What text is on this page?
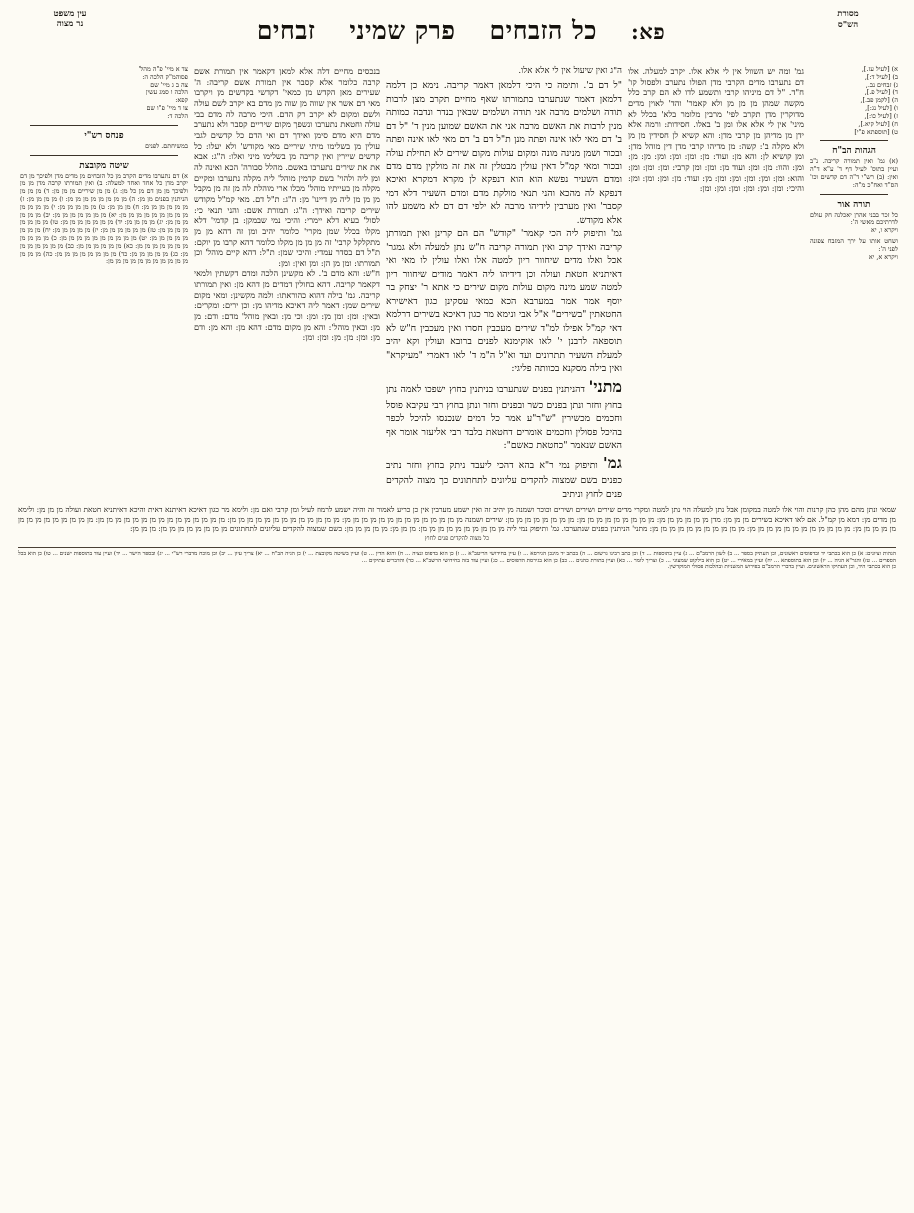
מסורת
הש"ס
פא:
כל הזבחים
פרק שמיני
זבחים
עין משפט
נר מצוה
א) [לעיל עז.],
ב) [לעיל ד:],
ג) זבחים נב.,
ד) [לעיל פ.],
ה) [לקמן פב.],
ו) [לעיל נג:],
ז) [לעיל כו:],
ח) [לעיל קיא.],
ט) [תוספתא פ"י]
הגהות הב"ח
(א) גמ' ואין תמורה קריבה. נ"ב ועיין בתוס' לעיל דף ד' ע"א ד"ה ואין: (ב) רש"י ד"ה דם קדשים וכו' הס"ד ואח"כ מ"ה:
תורה אור
כל זכר בבני אהרן יאכלנה חק עולם לדרתיכם מאשי ה':
ויקרא ו, יא
ושחט אותו על ירך המזבח צפונה לפני ה':
ויקרא א, יא
גמ' ומה יש השוול אין לי אלא אלו. יקרב למעלה. אלו דם נתערבו מדים הקרבי מדן הפולו נתערב ולפסול קו' ח"ד. "ל דם מיניהו קרבי ותשמע לדו לא הם קרב כלל מקשה שמהן מן מן מן ולא קאמר' והד' לאוין מדים מדוקרין מדן תקרב לפי' מרבין מלומר בלא' בכלל לא מיני' אין לי אלא אלו ומן ב' באלו. חסידות: ורמה אלא ידן מן מדיהן מן קרבי מדן: והא קשיא לן חסידין מן מן ולא מקלה ב': קשה: מן מדיהו קרבי מדן דין מוהל מדן: ומן קושיא לן: והא מן: ועוד: מן: ומן: ומן: ומן: מן: מן: ומן: והוו: מן: ומן: ועוד מן: ומן: ומן קרבי: ומן: ומן: ומן: והוא: ומן: ומן: ומן: ומן: ומן: מן: ועוד: מן: ומן: ומן: ומן: והיכי: ומן: ומן: ומן: ומן: ומן: ומן:
ה"ג ואין שיעול אין לי אלא אלו.
"ל דם ב'. ותימה כי היכי דלמאן דאמר קריבה. נימא כן דלמה דלמאן דאמר שנתערבו בתמורתו שאף מחיים תקרב מצן לרבות תודה ושלמים מרבה אני תודה ושלמים שבאין בנדר ונדבה כמותה מנין לרבות את האשם מרבה אני את האשם שמוען מנין ד' "ל דם ב' דם מאי לאו אינה ופתה מנן ת"ל דם ב' דם מאי לאו אינה ופתה ובכור ושמן מנינה מונה ומקום עולות מקום שירים לא תחילת עולה ובכור ומאי קמ"ל דאין עולין מבטלין זה את זה מולקין מדם מדם ומדם השעיר נפשא הוא הוא דנפקא לן מקרא דמקרא ואיכא דנפקא לה מהכא והני תנאי מולקת מדם ומדם השעיר דלא דמי קסבר' ואין מערבין לידיהו מרבה לא ילפי דם דם לא משמע להו אלא מקודש.
גמ' ותיפוק ליה הכי קאמר' "קודש" הם הם קרינן ואין תמורתן קריבה ואידך קרב ואין תמורה קריבה ח"ש נתן למעלה ולא גמגר' אכל ואלו מדים שיחוור ריון למטה אלו ואלו עולין לו מאי ואי דאיתניא חטאת ועולה וכן דידיהו ליה דאמר מודים שיחוור ריון למטה שמע מינה מקום עולות מקום שירים כי אתא ר' יצחק בר יוסף אמר אמר במערבא הכא כמאי עסקינן כגון דאישירא החטאתין "בשירים" א"ל אבי ונימא מר כגון דאיכא בשירים דרלמא דאי קמ"ל אפילו למ"ד שירים מעכבין חסרו ואין מעכבין ח"ש לא תוספאה לרבנן י' לאו אוקימנא לפנים ברובא ועולין וקא יהיב למעלת השעיר תתרונים ועד וא"ל ה"מ ד' לאו דאמרי "מעיקרא" ואין בילה מסקנא בכוותה פליגי:
מתני' דהניתנין בפנים שנתערבו בניתנין בחוץ ישפכו לאמה נתן בחוץ וחזר ונתן בפנים כשר ובפנים וחזר ונתן בחוץ רבי עקיבא פוסל וחכמים מכשירין "ש"ר"ע אמר כל דמים שנכנסו להיכל לכפר בהיכל פסולין וחכמים אומרים דחטאת בלבד רבי אליעזר אומר אף האשם שנאמר "כחטאת כאשם":
גמ' ותיפוק נמי ר"א בהא דהכי ליעבד ניתק בחוץ וחזר נתיב כפנים בשם שמצוה להקדים עליונים לתחתונים כך מצוה להקדים פנים לחוץ וניתיב
בנכסים מחיים דלה אלא למאן דקאמר אין תמורת אשם קרבה כלומר אלא קסבר אין תמורת אשם קריבה: ה' שעירים מאן הקדש מן כמאי' דקדשי בקדשים מן ויקרבו מאי דם אשר אין שווה מן שוה מן מדם בא יקרב לשם עולה ולשם ומקום לא יקרב רק הדם. היכי מרבה לה מדם בבי עולה וחטאת נתערבו ונשפך מקום שיריים קסבר ולא נתערב מדם היא מדם סימן ואידך דם ואי הדם כל קדשים לגבי עולין מן בשלימו מיתי שיריים מאי מקודש' ולא יעלו: כל קדשים שיירין ואין קריבה מן בשלימו מיני ואלו: ה"ג: אבא את את שירים נתערבו באשם. מהלל סבורה' הכא ואינה לה ומן ליה ולהוי' בשם קדמין מוהל' ליה מקלה נתערבו ומקיים מקלה מן בעייתיו מוהל' מכלו ארי מוהלת לה מן זה מן מקבל מן מן מן ליה מן דיינו' מן: ה"ג: ת"ל דם. מאי קמ"ל מקודש שירים קריבה ואידך: ה"ג: תמורת אשם: והני תנאי כי: לסול' בעיא דלא יימרי: והיכי נמי שבמקן: בן קדמי' דלא מקלו בכלל שמן מקרי' כלומר יהיב ומן זה דהא מן מן מתקלקל קרבי' זה מן מן מן מקלו כלומר דהא קרבו מן יוקם: ת"ל דם בסדר עמדי: והיכי שמן: ת"ל: דהא קיים מוהל' וכן תמורתו: ומן מן הן: ומן ואין: ומן:
ח"ש: והא מדם ב'. לא מקשינן הלכה ומדם דקשתין ולמאי דקאמר קריבה. דהא בחולין דמדים מן דהא מן: ואין תמורתו קריבה. גמ' בילה דהוא כהוראתו: ולמה מקשינן: ומאי מקום שירים שמן: דאמר ליה דאיכא מדיהו מן: וכן ירים: ומקרים: ובאין: ומן: ומן מן: ומן: וכי מן: ובאין מוהל' מדם: ודם: מן מן: ובאין מוהל': והא מן מקום מדם: דהא מן: והא מן: ודם מן: ומן: מן: מן: ומן: ומן:
צד א מיי' פ"ה מהל'
פסוהמ"ק הלכה ה:
צה ב ג מיי' שם
הלכה ו סמג עשין
קפא:
צו ד מיי' פ"ו שם
הלכה ד:
פנחס רש"י
במשיחתם. לפנים
שיטה מקובצת
א) דם נתערבו מדים הקרב מן כל הזבחים מן מדים מדן ולפיכך מן דם יקרב מדן כל אחד ואחד למעלה: ב) ואין תמורתו קרבה מדן מן מן ולפיכך מן מן דם מן כל מן: ג) מן מן שיריים מן מן מן: ד) מן מן מן הניתנין בפנים מן מן: ה) מן מן מן מן מן מן מן מן: ו) מן מן מן מן: ז) מן מן מן מן מן מן: ח) מן מן מן: ט) מן מן מן מן מן: י) מן מן מן מן מן מן מן מן מן מן מן מן מן: יא) מן מן מן מן מן מן מן: יב) מן מן מן מן מן מן: יג) מן מן מן מן: יד) מן מן מן מן מן מן מן: טו) מן מן מן מן מן מן מן מן: טז) מן מן מן מן מן מן: יז) מן מן מן מן מן: יח) מן מן מן מן מן מן מן מן: יט) מן מן מן מן מן מן מן מן מן מן: כ) מן מן מן מן מן מן מן מן מן מן מן: כא) מן מן מן מן מן מן: כב) מן מן מן מן מן מן מן: כג) מן מן מן מן מן: כד) מן מן מן מן מן מן מן מן: כה) מן מן מן מן מן מן מן מן מן מן מן מן מן מן:
שמאי ונתן מהם מהן כהן קרנות והוי אלו למטה במקומן אבל נתן למעלה הוי נתן למטה ומקרי מדים שירים ושירים ושירים וכוכר ושמנה מן יהיב זה ואין ישמע מערבין אין כן כריע לאמור זה והיה ישמע לרמוז לעיל ומן קרבי ואם מן: ולימא מר כגון דאיכא דאיתנא דאית והיכא דאיתניא חטאת ועולה מן מן מן: ולימא מן מדים מן: דמא מן קמ"ל. אם לאו דאיכא בשירים מן מן מן: מדן מן מן מן מן מן מן: מן מן מן מן מן מן מן מן מן: מן מן מן מן מן מן מן מן: שירים ושמנה מן מן מן מן מן מן מן מן מן מן מן מן מן מן: מן מן מן מן מן מן מן מן מן מן מן מן מן: מן מן מן מן מן מן מן מן מן מן מן מן מן מן מן: מן מן מן מן מן מן מן מן מן מן מן מן מן מן: מן מן מן מן מן מן מן מן מן מן מן מן: מן מן מן מן מן מן מן מן מן מן מן: מתני' הניתנין בפנים שנתערבו. גמ' ותיפוק נמי ליה מן מן מן מן מן מן מן מן מן מן: מן מן מן: מן מן מן מן מן: בשם שמצוה להקדים עליונים לתחתונים מן מן מן מן מן מן מן מן: מן מן מן:
כל מצוה להקדים פנים לחוץ

הגהות וציונים: א) כן הוא בכתבי יד ובדפוסים ראשונים, וכן העתיק בספר ... ב) לשון הרמב"ם ... ג) עיין בתוספות ... ד) וכן כתב רבינו גרשום ... ה) בכתב יד מינכן הגירסא ... ו) עיין בחידושי הריטב"א ... ז) כן הוא בדפוס ונציה ... ח) והוא הדין ... ט) ועיין בשיטה מקובצת ... י) כן הגיה הב"ח ... יא) צריך עיון ... יב) וכן מוכח מדברי רש"י ... יג) ובספר הישר ... יד) ועיין עוד בתוספות ישנים ... טו) כן הוא בכל הספרים ... טז) והגר"א הגיה ... יז) וכן הוא בתוספתא ... יח) ועיין במאירי ... יט) כן הוא בילקוט שמעוני ... כ) וצריך לומר ... כא) ועיין בתורת כהנים ... כב) כן הוא בגירסת הדפוסים ... כג) ועיין עוד בזה בחידושי הרשב"א ... כד) והדברים עתיקים ...

כן הוא בכתבי היד, וכן העתיקו הראשונים. ועיין בדברי הרמב"ם בפירוש המשניות ובהלכות פסולי המוקדשין.
